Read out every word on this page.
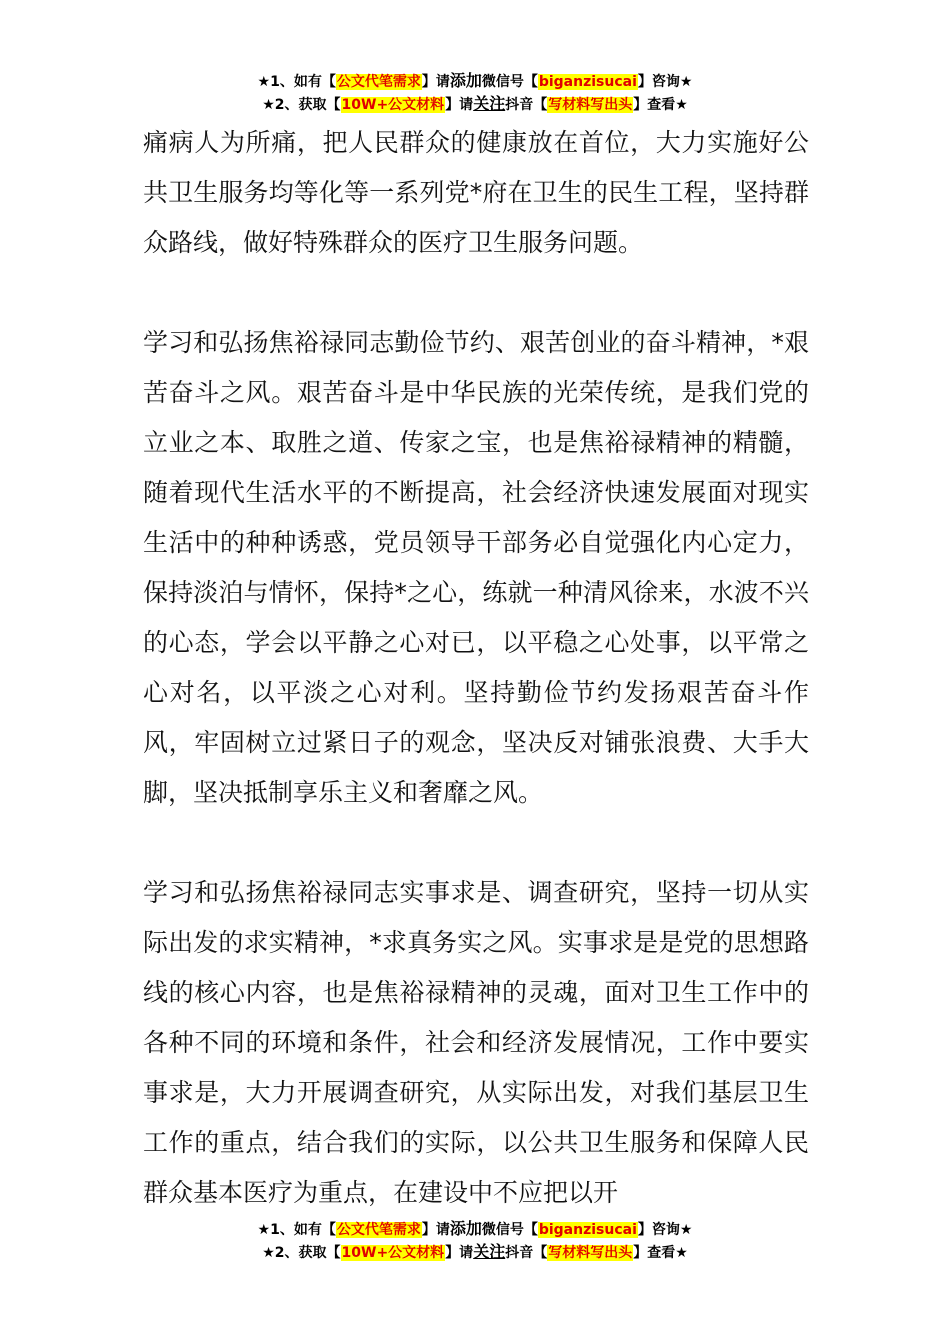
★1、如有【公文代笔需求】请添加微信号【biganzisucai】咨询★
★2、获取【10W+公文材料】请关注抖音【写材料写出头】查看★

痛病人为所痛，把人民群众的健康放在首位，大力实施好公共卫生服务均等化等一系列党*府在卫生的民生工程，坚持群众路线，做好特殊群众的医疗卫生服务问题。

学习和弘扬焦裕禄同志勤俭节约、艰苦创业的奋斗精神，*艰苦奋斗之风。艰苦奋斗是中华民族的光荣传统，是我们党的立业之本、取胜之道、传家之宝，也是焦裕禄精神的精髓，随着现代生活水平的不断提高，社会经济快速发展面对现实生活中的种种诱惑，党员领导干部务必自觉强化内心定力，保持淡泊与情怀，保持*之心，练就一种清风徐来，水波不兴的心态，学会以平静之心对已，以平稳之心处事，以平常之心对名，以平淡之心对利。坚持勤俭节约发扬艰苦奋斗作风，牢固树立过紧日子的观念，坚决反对铺张浪费、大手大脚，坚决抵制享乐主义和奢靡之风。

学习和弘扬焦裕禄同志实事求是、调查研究，坚持一切从实际出发的求实精神，*求真务实之风。实事求是是党的思想路线的核心内容，也是焦裕禄精神的灵魂，面对卫生工作中的各种不同的环境和条件，社会和经济发展情况，工作中要实事求是，大力开展调查研究，从实际出发，对我们基层卫生工作的重点，结合我们的实际，以公共卫生服务和保障人民群众基本医疗为重点，在建设中不应把以开

★1、如有【公文代笔需求】请添加微信号【biganzisucai】咨询★
★2、获取【10W+公文材料】请关注抖音【写材料写出头】查看★
